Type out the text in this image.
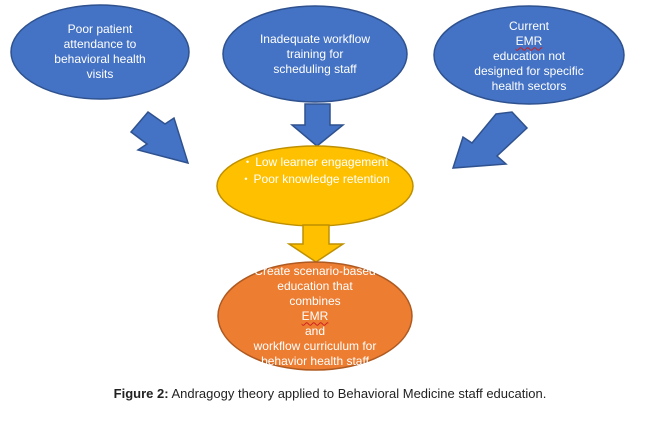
Poor patient
attendance to
behavioral health
visits
Inadequate workflow
training for
scheduling staff
Current
EMR
education not
designed for specific
health sectors
• Low learner engagement
• Poor knowledge retention
Create scenario-based
education that
combines
EMR
and
workflow curriculum for
behavior health staff
Figure 2: Andragogy theory applied to Behavioral Medicine staff education.
